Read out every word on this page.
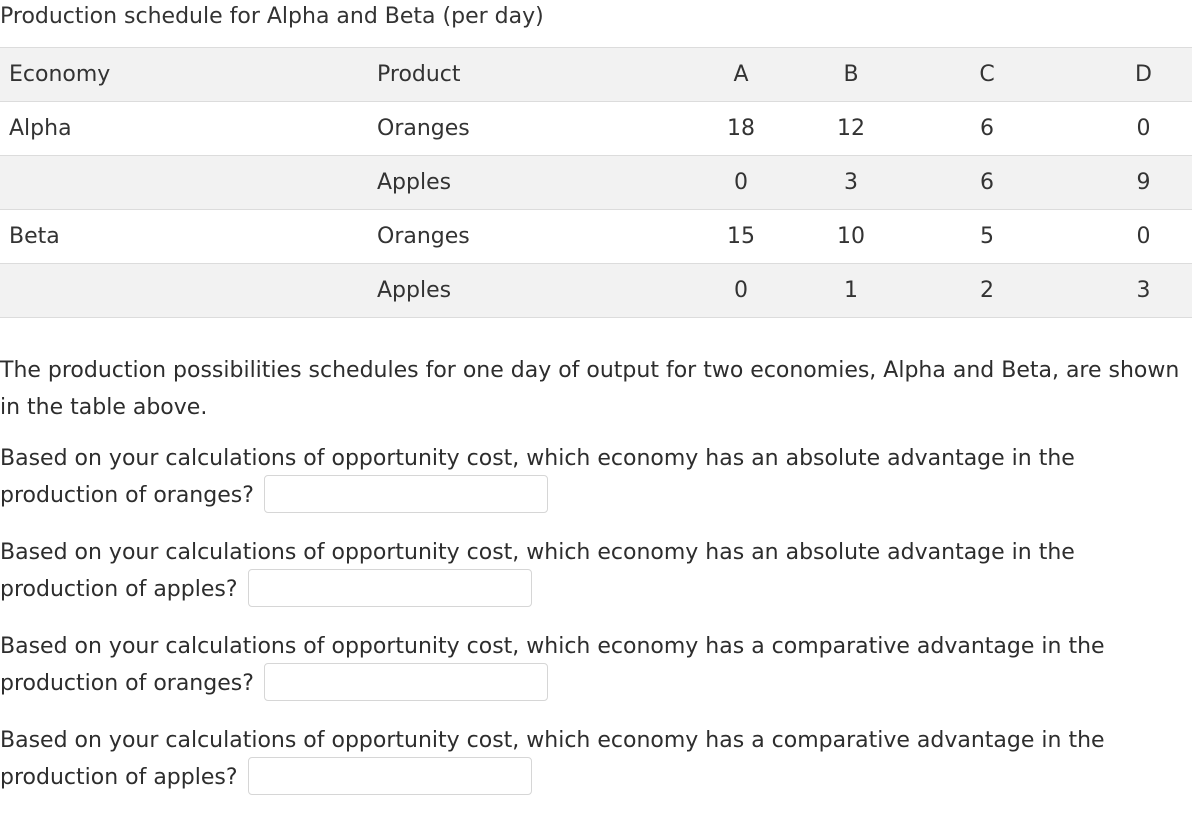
Production schedule for Alpha and Beta (per day)
Economy	Product	A	B	C	D
Alpha	Oranges	18	12	6	0
	Apples	0	3	6	9
Beta	Oranges	15	10	5	0
	Apples	0	1	2	3
The production possibilities schedules for one day of output for two economies, Alpha and Beta, are shown in the table above.
Based on your calculations of opportunity cost, which economy has an absolute advantage in the production of oranges?
Based on your calculations of opportunity cost, which economy has an absolute advantage in the production of apples?
Based on your calculations of opportunity cost, which economy has a comparative advantage in the production of oranges?
Based on your calculations of opportunity cost, which economy has a comparative advantage in the production of apples?
